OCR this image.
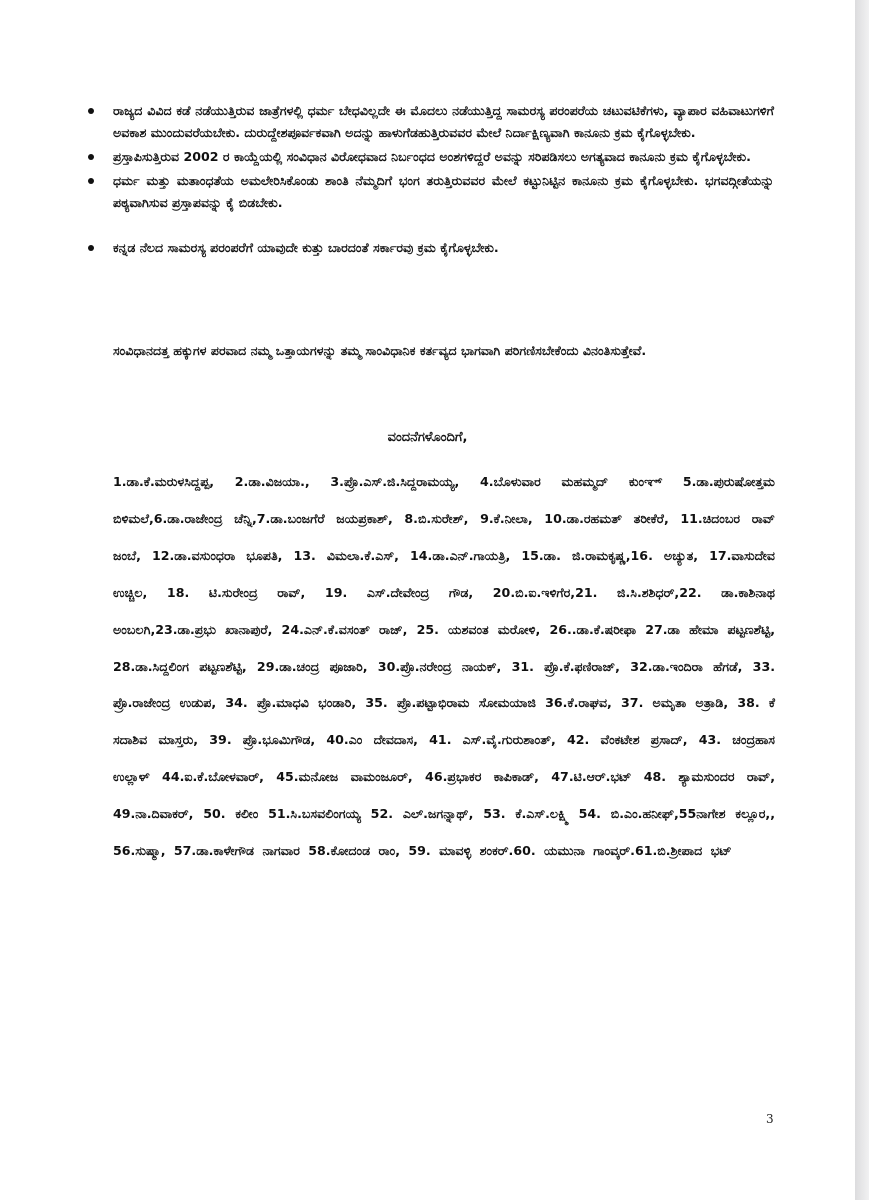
ರಾಜ್ಯದ ವಿವಿದ ಕಡೆ ನಡೆಯುತ್ತಿರುವ ಜಾತ್ರೆಗಳಲ್ಲಿ ಧರ್ಮ ಬೇಧವಿಲ್ಲದೇ ಈ ಮೊದಲು ನಡೆಯುತ್ತಿದ್ದ ಸಾಮರಸ್ಯ ಪರಂಪರೆಯ ಚಟುವಟಿಕೆಗಳು, ವ್ಯಾಪಾರ ವಹಿವಾಟುಗಳಿಗೆ ಅವಕಾಶ ಮುಂದುವರೆಯಬೇಕು. ದುರುದ್ದೇಶಪೂರ್ವಕವಾಗಿ ಅದನ್ನು ಹಾಳುಗೆಡಹುತ್ತಿರುವವರ ಮೇಲೆ ನಿರ್ದಾಕ್ಷಿಣ್ಯವಾಗಿ ಕಾನೂನು ಕ್ರಮ ಕೈಗೊಳ್ಳಬೇಕು.
ಪ್ರಸ್ತಾಪಿಸುತ್ತಿರುವ 2002 ರ ಕಾಯ್ದೆಯಲ್ಲಿ ಸಂವಿಧಾನ ವಿರೋಧವಾದ ನಿರ್ಬಂಧದ ಅಂಶಗಳಿದ್ದರೆ ಅವನ್ನು ಸರಿಪಡಿಸಲು ಅಗತ್ಯವಾದ ಕಾನೂನು ಕ್ರಮ ಕೈಗೊಳ್ಳಬೇಕು.
ಧರ್ಮ ಮತ್ತು ಮತಾಂಧತೆಯ ಅಮಲೇರಿಸಿಕೊಂಡು ಶಾಂತಿ ನೆಮ್ಮದಿಗೆ ಭಂಗ ತರುತ್ತಿರುವವರ ಮೇಲೆ ಕಟ್ಟುನಿಟ್ಟಿನ ಕಾನೂನು ಕ್ರಮ ಕೈಗೊಳ್ಳಬೇಕು. ಭಗವದ್ಗೀತೆಯನ್ನು ಪಠ್ಯವಾಗಿಸುವ ಪ್ರಸ್ತಾಪವನ್ನು ಕೈ ಬಿಡಬೇಕು.
ಕನ್ನಡ ನೆಲದ ಸಾಮರಸ್ಯ ಪರಂಪರೆಗೆ ಯಾವುದೇ ಕುತ್ತು ಬಾರದಂತೆ ಸರ್ಕಾರವು ಕ್ರಮ ಕೈಗೊಳ್ಳಬೇಕು.
ಸಂವಿಧಾನದತ್ತ ಹಕ್ಕುಗಳ ಪರವಾದ ನಮ್ಮ ಒತ್ತಾಯಗಳನ್ನು ತಮ್ಮ ಸಾಂವಿಧಾನಿಕ ಕರ್ತವ್ಯದ ಭಾಗವಾಗಿ ಪರಿಗಣಿಸಬೇಕೆಂದು ವಿನಂತಿಸುತ್ತೇವೆ.
ವಂದನೆಗಳೊಂದಿಗೆ,

1.ಡಾ.ಕೆ.ಮರುಳಸಿದ್ದಪ್ಪ, 2.ಡಾ.ವಿಜಯಾ., 3.ಪ್ರೊ.ಎಸ್.ಜಿ.ಸಿದ್ದರಾಮಯ್ಯ, 4.ಬೊಳುವಾರ ಮಹಮ್ಮದ್ ಕುಂಞ್ 5.ಡಾ.ಪುರುಷೋತ್ತಮ ಬಿಳಿಮಲೆ,6.ಡಾ.ರಾಜೇಂದ್ರ ಚೆನ್ನಿ,7.ಡಾ.ಬಂಜಗೆರೆ ಜಯಪ್ರಕಾಶ್, 8.ಬಿ.ಸುರೇಶ್, 9.ಕೆ.ನೀಲಾ, 10.ಡಾ.ರಹಮತ್ ತರೀಕೆರೆ, 11.ಚಿದಂಬರ ರಾವ್ ಜಂಬೆ, 12.ಡಾ.ವಸುಂಧರಾ ಭೂಪತಿ, 13. ವಿಮಲಾ.ಕೆ.ಎಸ್, 14.ಡಾ.ಎನ್.ಗಾಯತ್ರಿ, 15.ಡಾ. ಜಿ.ರಾಮಕೃಷ್ಣ,16. ಅಚ್ಯುತ, 17.ವಾಸುದೇವ ಉಚ್ಚಿಲ, 18. ಟಿ.ಸುರೇಂದ್ರ ರಾವ್, 19. ಎಸ್.ದೇವೇಂದ್ರ ಗೌಡ, 20.ಬಿ.ಐ.ಇಳಿಗೆರ,21. ಜಿ.ಸಿ.ಶಶಿಧರ್,22. ಡಾ.ಕಾಶಿನಾಥ ಅಂಬಲಗಿ,23.ಡಾ.ಪ್ರಭು ಖಾನಾಪುರೆ, 24.ಎನ್.ಕೆ.ವಸಂತ್ ರಾಜ್, 25. ಯಶವಂತ ಮರೋಳಿ, 26..ಡಾ.ಕೆ.ಷರೀಫಾ 27.ಡಾ ಹೇಮಾ ಪಟ್ಟಣಶೆಟ್ಟಿ, 28.ಡಾ.ಸಿದ್ದಲಿಂಗ ಪಟ್ಟಣಶೆಟ್ಟಿ, 29.ಡಾ.ಚಂದ್ರ ಪೂಜಾರಿ, 30.ಪ್ರೊ.ನರೇಂದ್ರ ನಾಯಕ್, 31. ಪ್ರೊ.ಕೆ.ಫಣಿರಾಜ್, 32.ಡಾ.ಇಂದಿರಾ ಹೆಗಡೆ, 33. ಪ್ರೊ.ರಾಜೇಂದ್ರ ಉಡುಪ, 34. ಪ್ರೊ.ಮಾಧವಿ ಭಂಡಾರಿ, 35. ಪ್ರೊ.ಪಟ್ಟಾಭಿರಾಮ ಸೋಮಯಾಜಿ 36.ಕೆ.ರಾಘವ, 37. ಅಮೃತಾ ಅತ್ರಾಡಿ, 38. ಕೆ ಸದಾಶಿವ ಮಾಸ್ತರು, 39. ಪ್ರೊ.ಭೂಮಿಗೌಡ, 40.ಎಂ ದೇವದಾಸ, 41. ಎಸ್.ವೈ.ಗುರುಶಾಂತ್, 42. ವೆಂಕಟೇಶ ಪ್ರಸಾದ್, 43. ಚಂದ್ರಹಾಸ ಉಲ್ಲಾಳ್ 44.ಐ.ಕೆ.ಬೋಳವಾರ್, 45.ಮನೋಜ ವಾಮಂಜೂರ್, 46.ಪ್ರಭಾಕರ ಕಾಪಿಕಾಡ್, 47.ಟಿ.ಆರ್.ಭಟ್ 48. ಶ್ಯಾಮಸುಂದರ ರಾವ್, 49.ನಾ.ದಿವಾಕರ್, 50. ಕಲೀಂ 51.ಸಿ.ಬಸವಲಿಂಗಯ್ಯ 52. ಎಲ್.ಜಗನ್ನಾಥ್, 53. ಕೆ.ಎಸ್.ಲಕ್ಷ್ಮಿ 54. ಬಿ.ಎಂ.ಹನೀಫ್,55ನಾಗೇಶ ಕಲ್ಲೂರ,, 56.ಸುಷ್ಮಾ, 57.ಡಾ.ಕಾಳೇಗೌಡ ನಾಗವಾರ 58.ಕೋದಂಡ ರಾಂ, 59. ಮಾವಳ್ಳಿ ಶಂಕರ್.60. ಯಮುನಾ ಗಾಂವ್ಕರ್.61.ಬಿ.ಶ್ರೀಪಾದ ಭಟ್

3
